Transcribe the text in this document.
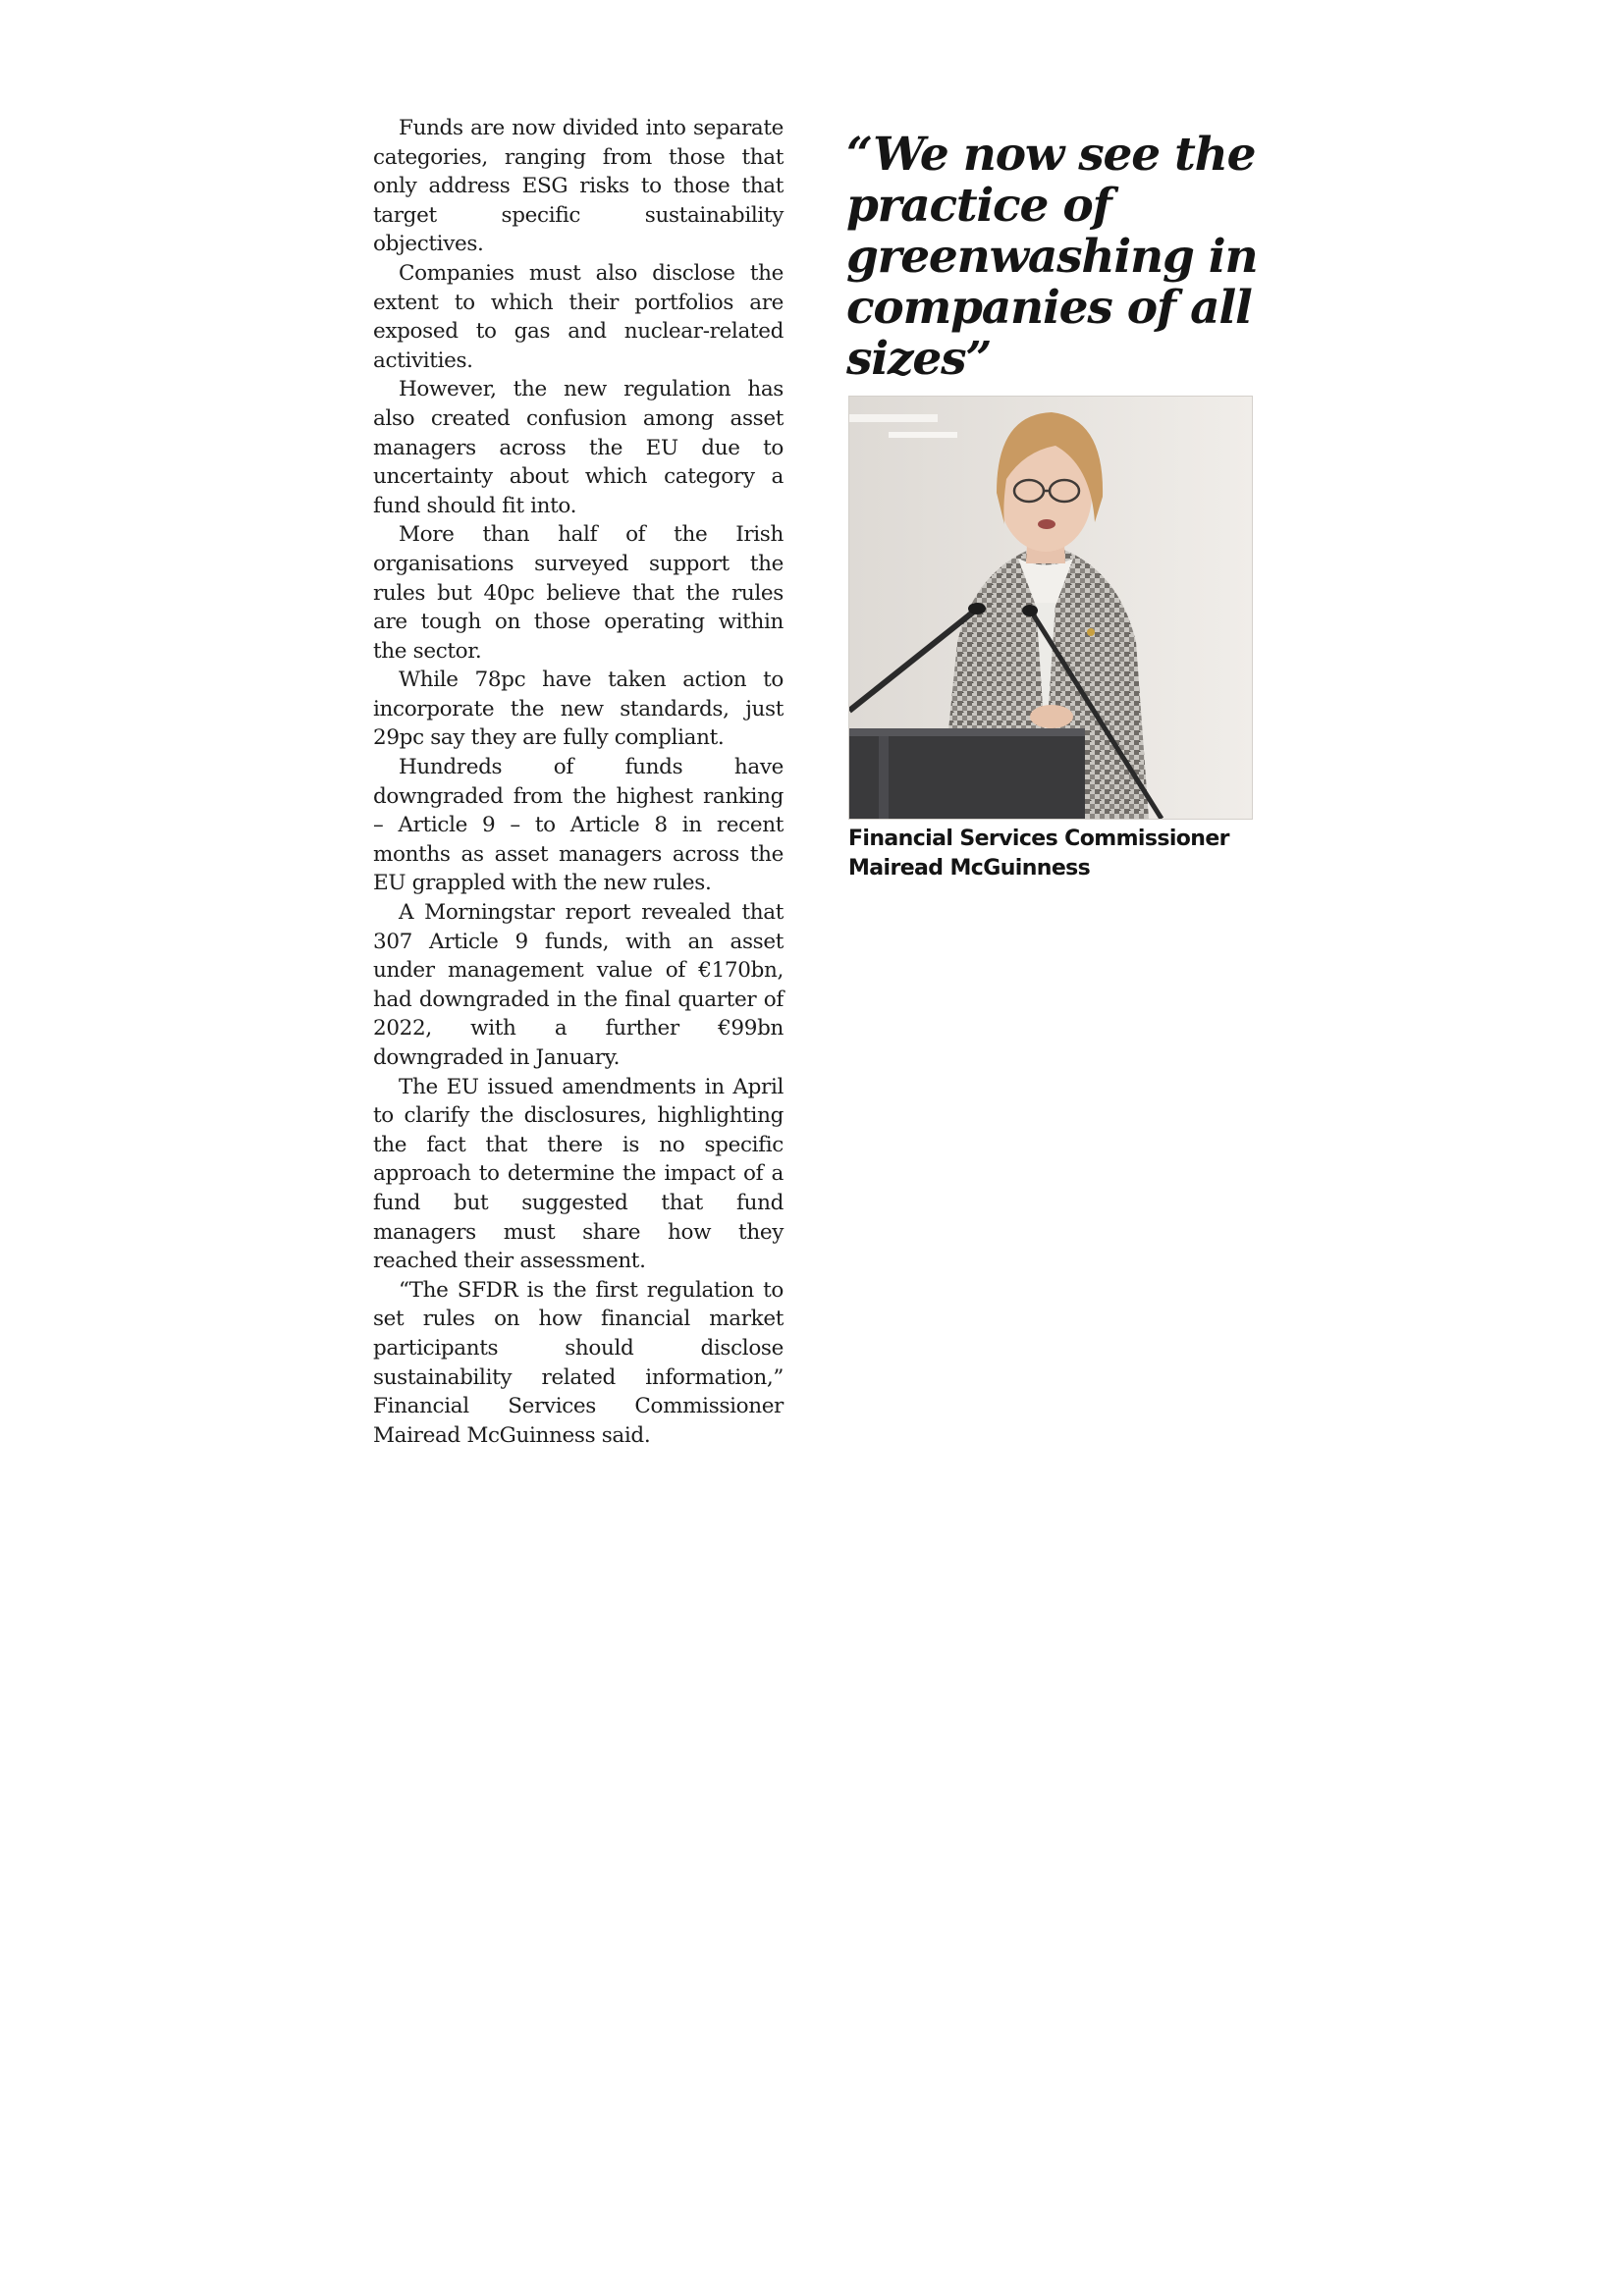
Funds are now divided into separate categories, ranging from those that only address ESG risks to those that target specific sustainability objectives.

Companies must also disclose the extent to which their portfolios are exposed to gas and nuclear-related activities.

However, the new regulation has also created confusion among asset managers across the EU due to uncertainty about which category a fund should fit into.

More than half of the Irish organisations surveyed support the rules but 40pc believe that the rules are tough on those operating within the sector.

While 78pc have taken action to incorporate the new standards, just 29pc say they are fully compliant.

Hundreds of funds have downgraded from the highest ranking – Article 9 – to Article 8 in recent months as asset managers across the EU grappled with the new rules.

A Morningstar report revealed that 307 Article 9 funds, with an asset under management value of €170bn, had downgraded in the final quarter of 2022, with a further €99bn downgraded in January.

The EU issued amendments in April to clarify the disclosures, highlighting the fact that there is no specific approach to determine the impact of a fund but suggested that fund managers must share how they reached their assessment.

“The SFDR is the first regulation to set rules on how financial market participants should disclose sustainability related information,” Financial Services Commissioner Mairead McGuinness said.

“We now see the practice of greenwashing in companies of all sizes”

Financial Services Commissioner
Mairead McGuinness
